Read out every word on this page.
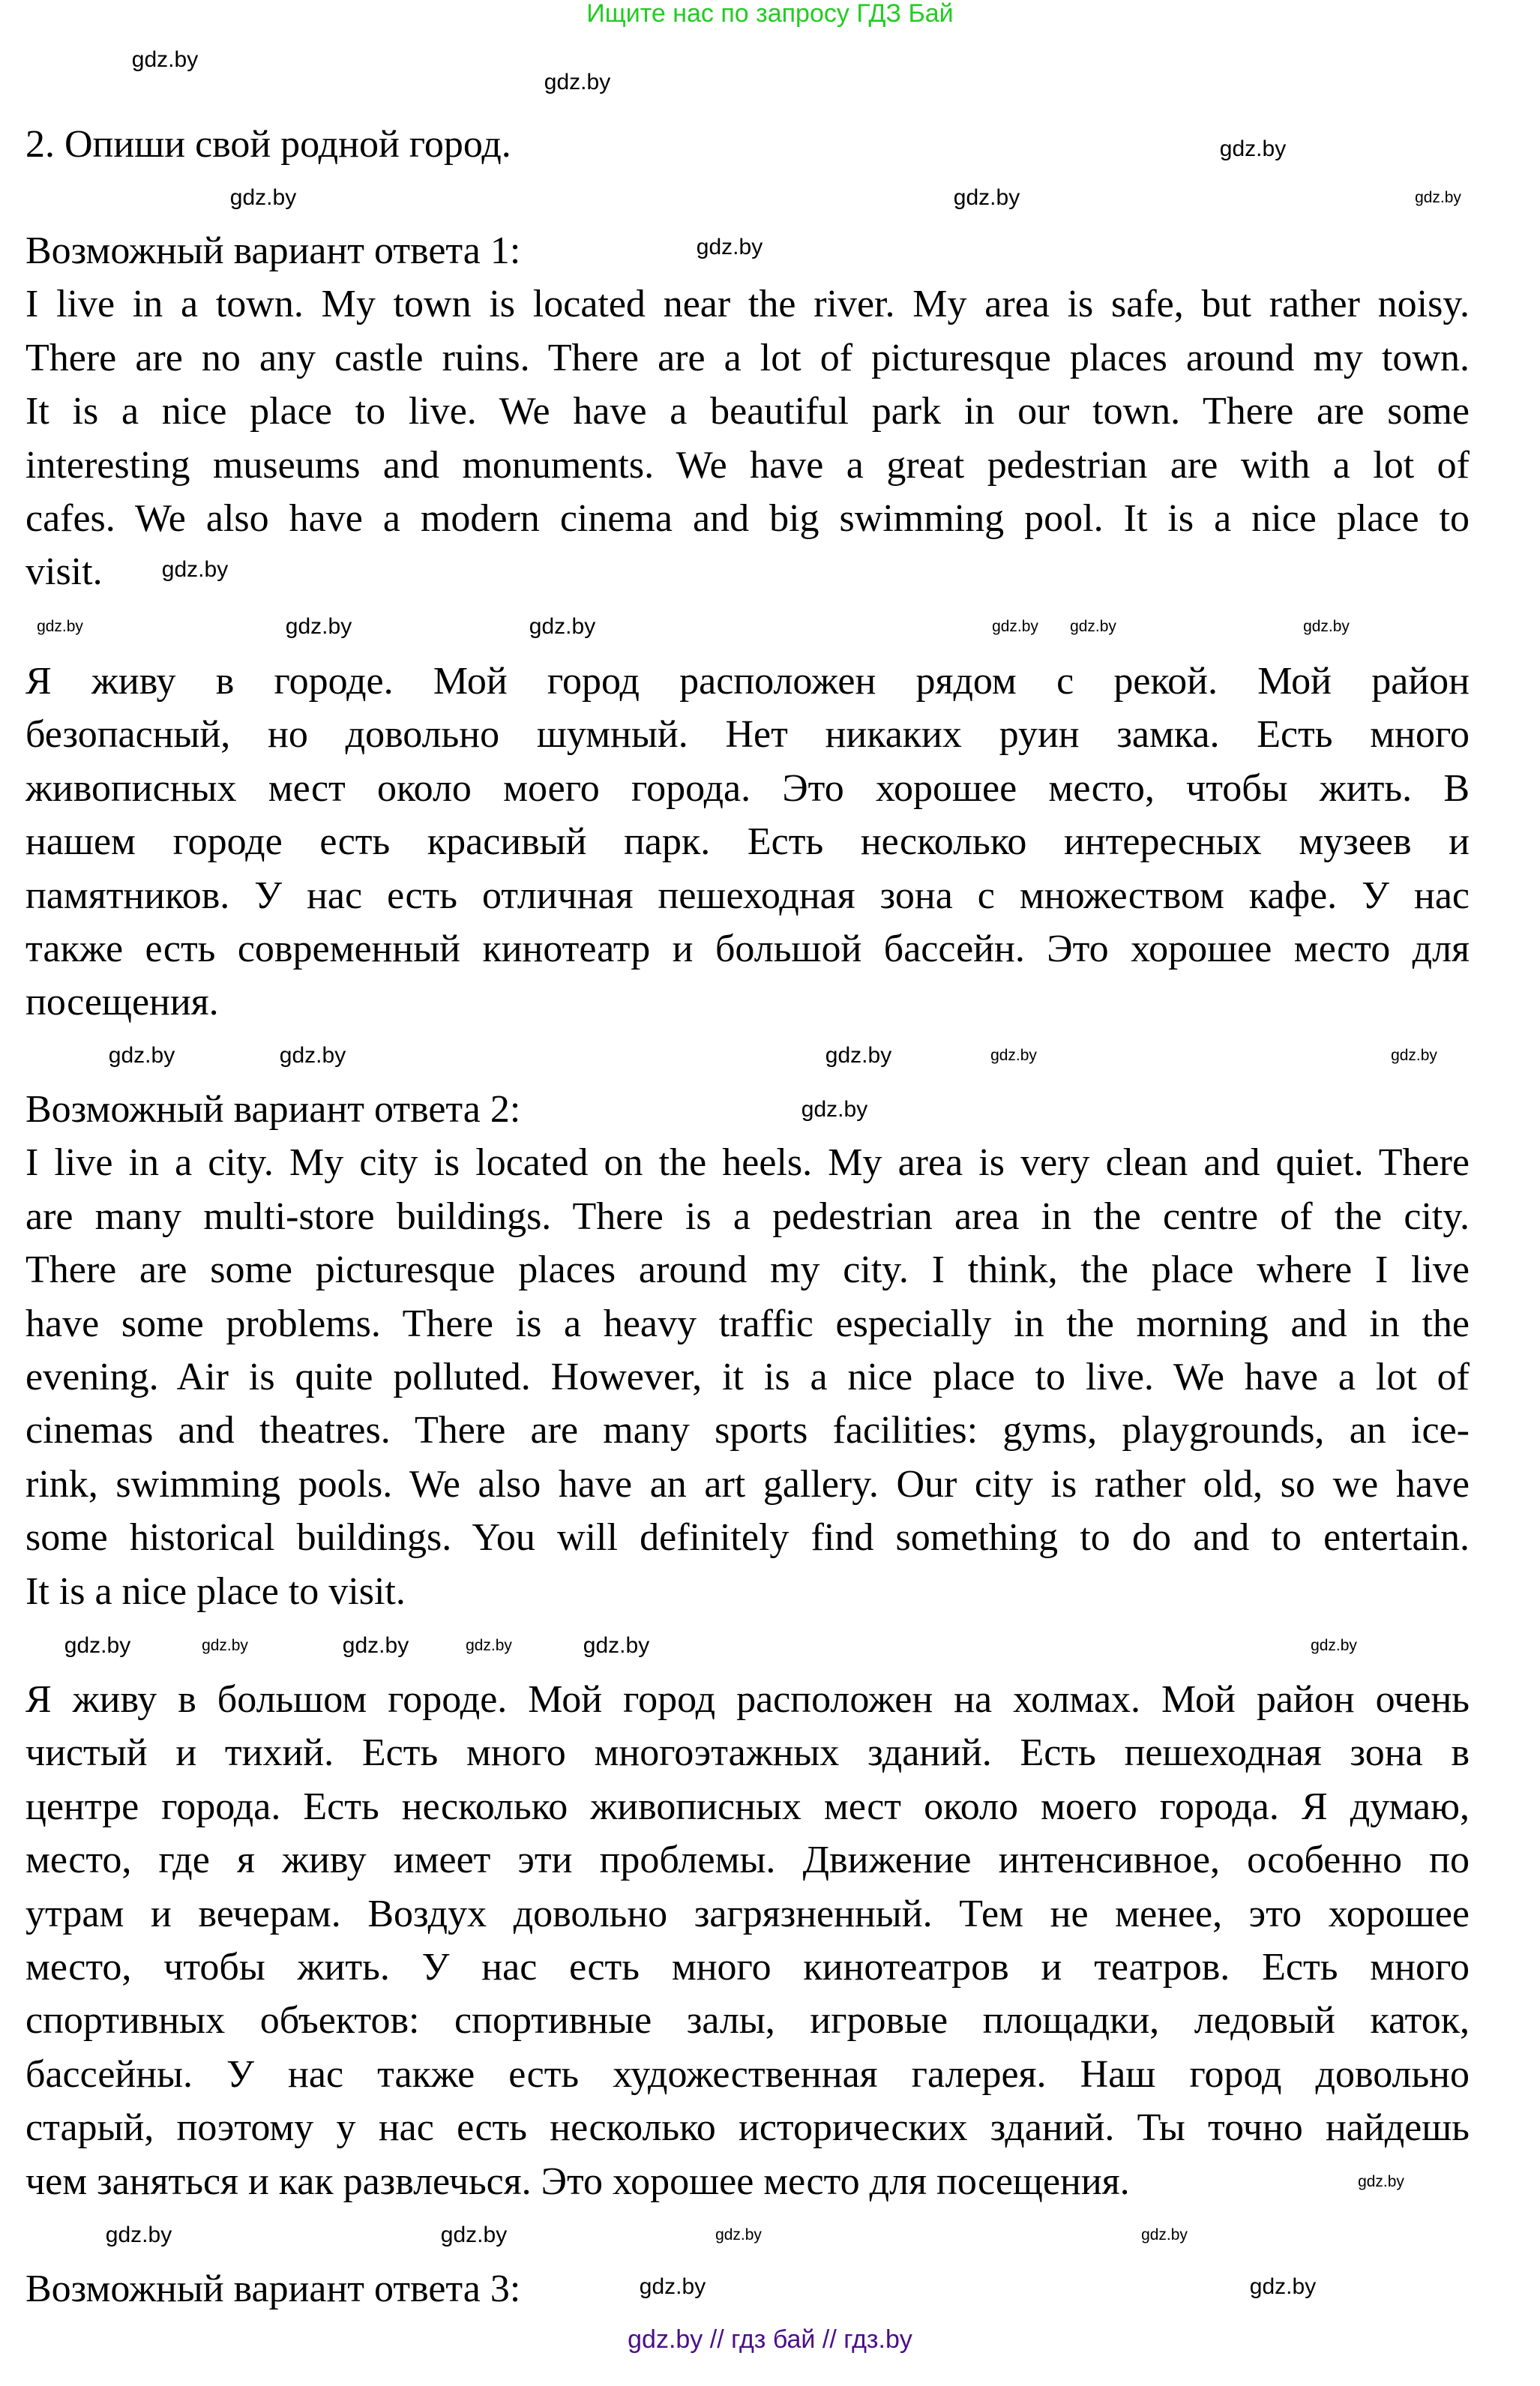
Ищите нас по запросу ГДЗ Бай
2. Опиши свой родной город.
Возможный вариант ответа 1:
I live in a town. My town is located near the river. My area is safe, but rather noisy.
There are no any castle ruins. There are a lot of picturesque places around my town.
It is a nice place to live. We have a beautiful park in our town. There are some
interesting museums and monuments. We have a great pedestrian are with a lot of
cafes. We also have a modern cinema and big swimming pool. It is a nice place to
visit.
Я живу в городе. Мой город расположен рядом с рекой. Мой район
безопасный, но довольно шумный. Нет никаких руин замка. Есть много
живописных мест около моего города. Это хорошее место, чтобы жить. В
нашем городе есть красивый парк. Есть несколько интересных музеев и
памятников. У нас есть отличная пешеходная зона с множеством кафе. У нас
также есть современный кинотеатр и большой бассейн. Это хорошее место для
посещения.
Возможный вариант ответа 2:
I live in a city. My city is located on the heels. My area is very clean and quiet. There
are many multi-store buildings. There is a pedestrian area in the centre of the city.
There are some picturesque places around my city. I think, the place where I live
have some problems. There is a heavy traffic especially in the morning and in the
evening. Air is quite polluted. However, it is a nice place to live. We have a lot of
cinemas and theatres. There are many sports facilities: gyms, playgrounds, an ice-
rink, swimming pools. We also have an art gallery. Our city is rather old, so we have
some historical buildings. You will definitely find something to do and to entertain.
It is a nice place to visit.
Я живу в большом городе. Мой город расположен на холмах. Мой район очень
чистый и тихий. Есть много многоэтажных зданий. Есть пешеходная зона в
центре города. Есть несколько живописных мест около моего города. Я думаю,
место, где я живу имеет эти проблемы. Движение интенсивное, особенно по
утрам и вечерам. Воздух довольно загрязненный. Тем не менее, это хорошее
место, чтобы жить. У нас есть много кинотеатров и театров. Есть много
спортивных объектов: спортивные залы, игровые площадки, ледовый каток,
бассейны. У нас также есть художественная галерея. Наш город довольно
старый, поэтому у нас есть несколько исторических зданий. Ты точно найдешь
чем заняться и как развлечься. Это хорошее место для посещения.
Возможный вариант ответа 3:
gdz.by // гдз бай // гдз.by
gdz.by
gdz.by
gdz.by
gdz.by
gdz.by
gdz.by	gdz.by
gdz.by
gdz.by
gdz.by	gdz.by
gdz.by
gdz.by
gdz.by
gdz.by
gdz.by
gdz.by
gdz.by	gdz.by
gdz.by
gdz.by
gdz.by	gdz.by	gdz.by
gdz.by	gdz.by
gdz.by
gdz.by
gdz.by
gdz.by
gdz.by	gdz.by
gdz.by
